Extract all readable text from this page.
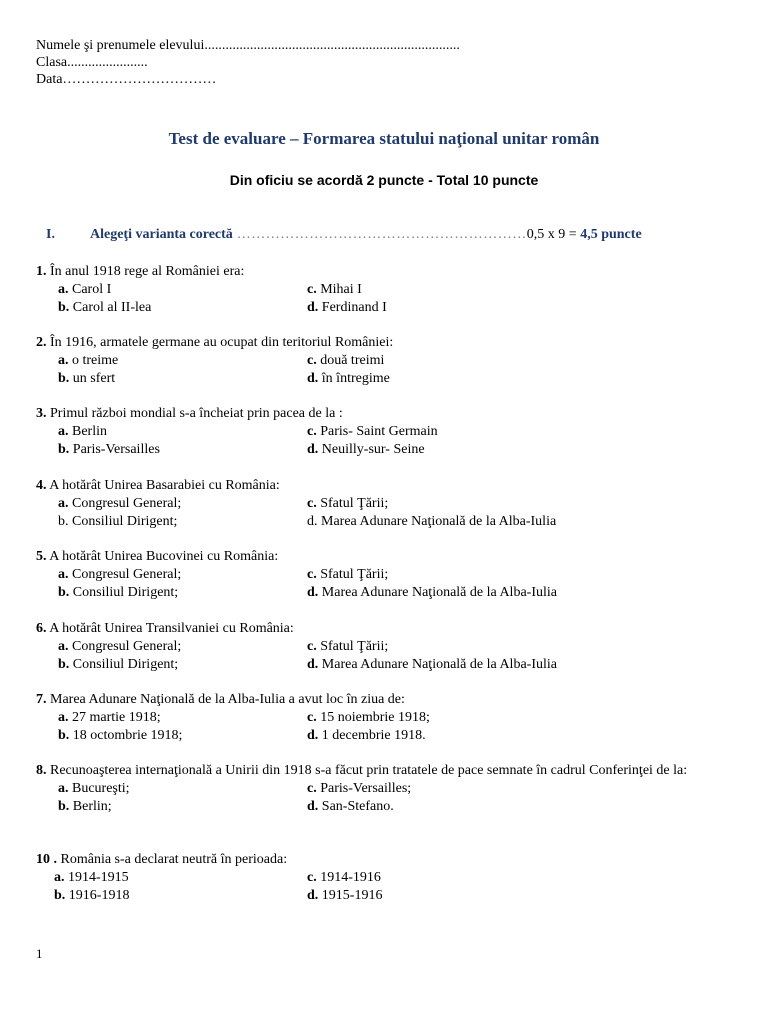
Numele şi prenumele elevului.........................................................................
Clasa.......................
Data……………………………
Test de evaluare – Formarea statului naţional unitar român
Din oficiu se acordă 2 puncte - Total 10 puncte
I.	Alegeţi varianta corectă ……………………………………………………0,5 x 9 = 4,5 puncte
1. În anul 1918 rege al României era:
a. Carol I
b. Carol al II-lea
c. Mihai I
d. Ferdinand I
2. În 1916, armatele germane au ocupat din teritoriul României:
a. o treime
b. un sfert
c. două treimi
d. în întregime
3. Primul război mondial s-a încheiat prin pacea de la :
a. Berlin
b. Paris-Versailles
c. Paris- Saint Germain
d. Neuilly-sur- Seine
4. A hotărât Unirea Basarabiei cu România:
a. Congresul General;
b. Consiliul Dirigent;
c. Sfatul Ţării;
d. Marea Adunare Naţională de la Alba-Iulia
5. A hotărât Unirea Bucovinei cu România:
a. Congresul General;
b. Consiliul Dirigent;
c. Sfatul Ţării;
d. Marea Adunare Naţională de la Alba-Iulia
6. A hotărât Unirea Transilvaniei cu România:
a. Congresul General;
b. Consiliul Dirigent;
c. Sfatul Ţării;
d. Marea Adunare Naţională de la Alba-Iulia
7. Marea Adunare Naţională de la Alba-Iulia a avut loc în ziua de:
a. 27 martie 1918;
b. 18 octombrie 1918;
c. 15 noiembrie 1918;
d. 1 decembrie 1918.
8. Recunoaşterea internaţională a Unirii din 1918 s-a făcut prin tratatele de pace semnate în cadrul Conferinţei de la:
a. Bucureşti;
b. Berlin;
c. Paris-Versailles;
d. San-Stefano.
10 . România s-a declarat neutră în perioada:
a. 1914-1915
b. 1916-1918
c. 1914-1916
d. 1915-1916
1
